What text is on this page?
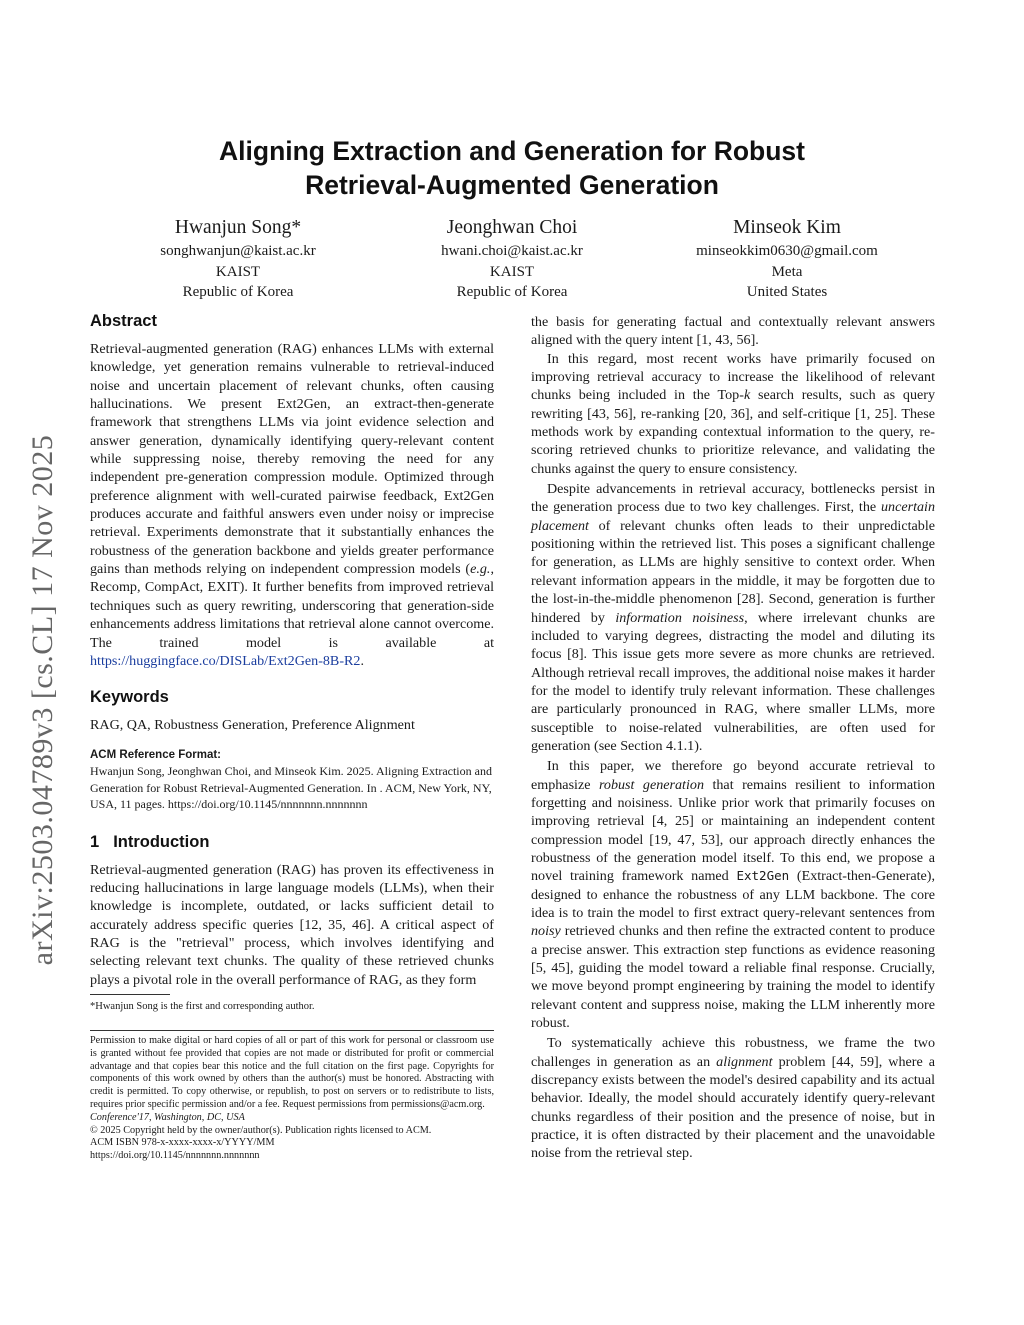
arXiv:2503.04789v3 [cs.CL] 17 Nov 2025
Aligning Extraction and Generation for Robust
Retrieval-Augmented Generation
Hwanjun Song*
songhwanjun@kaist.ac.kr
KAIST
Republic of Korea
Jeonghwan Choi
hwani.choi@kaist.ac.kr
KAIST
Republic of Korea
Minseok Kim
minseokkim0630@gmail.com
Meta
United States
Abstract

Retrieval-augmented generation (RAG) enhances LLMs with external knowledge, yet generation remains vulnerable to retrieval-induced noise and uncertain placement of relevant chunks, often causing hallucinations. We present Ext2Gen, an extract-then-generate framework that strengthens LLMs via joint evidence selection and answer generation, dynamically identifying query-relevant content while suppressing noise, thereby removing the need for any independent pre-generation compression module. Optimized through preference alignment with well-curated pairwise feedback, Ext2Gen produces accurate and faithful answers even under noisy or imprecise retrieval. Experiments demonstrate that it substantially enhances the robustness of the generation backbone and yields greater performance gains than methods relying on independent compression models (e.g., Recomp, CompAct, EXIT). It further benefits from improved retrieval techniques such as query rewriting, underscoring that generation-side enhancements address limitations that retrieval alone cannot overcome. The trained model is available at https://huggingface.co/DISLab/Ext2Gen-8B-R2.

Keywords

RAG, QA, Robustness Generation, Preference Alignment

ACM Reference Format:

Hwanjun Song, Jeonghwan Choi, and Minseok Kim. 2025. Aligning Extraction and Generation for Robust Retrieval-Augmented Generation. In . ACM, New York, NY, USA, 11 pages. https://doi.org/10.1145/nnnnnnn.nnnnnnn

1 Introduction

Retrieval-augmented generation (RAG) has proven its effectiveness in reducing hallucinations in large language models (LLMs), when their knowledge is incomplete, outdated, or lacks sufficient detail to accurately address specific queries [12, 35, 46]. A critical aspect of RAG is the "retrieval" process, which involves identifying and selecting relevant text chunks. The quality of these retrieved chunks plays a pivotal role in the overall performance of RAG, as they form

*Hwanjun Song is the first and corresponding author.

Permission to make digital or hard copies of all or part of this work for personal or classroom use is granted without fee provided that copies are not made or distributed for profit or commercial advantage and that copies bear this notice and the full citation on the first page. Copyrights for components of this work owned by others than the author(s) must be honored. Abstracting with credit is permitted. To copy otherwise, or republish, to post on servers or to redistribute to lists, requires prior specific permission and/or a fee. Request permissions from permissions@acm.org.

Conference'17, Washington, DC, USA
© 2025 Copyright held by the owner/author(s). Publication rights licensed to ACM.
ACM ISBN 978-x-xxxx-xxxx-x/YYYY/MM
https://doi.org/10.1145/nnnnnnn.nnnnnnn

the basis for generating factual and contextually relevant answers aligned with the query intent [1, 43, 56].

In this regard, most recent works have primarily focused on improving retrieval accuracy to increase the likelihood of relevant chunks being included in the Top-k search results, such as query rewriting [43, 56], re-ranking [20, 36], and self-critique [1, 25]. These methods work by expanding contextual information to the query, re-scoring retrieved chunks to prioritize relevance, and validating the chunks against the query to ensure consistency.

Despite advancements in retrieval accuracy, bottlenecks persist in the generation process due to two key challenges. First, the uncertain placement of relevant chunks often leads to their unpredictable positioning within the retrieved list. This poses a significant challenge for generation, as LLMs are highly sensitive to context order. When relevant information appears in the middle, it may be forgotten due to the lost-in-the-middle phenomenon [28]. Second, generation is further hindered by information noisiness, where irrelevant chunks are included to varying degrees, distracting the model and diluting its focus [8]. This issue gets more severe as more chunks are retrieved. Although retrieval recall improves, the additional noise makes it harder for the model to identify truly relevant information. These challenges are particularly pronounced in RAG, where smaller LLMs, more susceptible to noise-related vulnerabilities, are often used for generation (see Section 4.1.1).

In this paper, we therefore go beyond accurate retrieval to emphasize robust generation that remains resilient to information forgetting and noisiness. Unlike prior work that primarily focuses on improving retrieval [4, 25] or maintaining an independent content compression model [19, 47, 53], our approach directly enhances the robustness of the generation model itself. To this end, we propose a novel training framework named Ext2Gen (Extract-then-Generate), designed to enhance the robustness of any LLM backbone. The core idea is to train the model to first extract query-relevant sentences from noisy retrieved chunks and then refine the extracted content to produce a precise answer. This extraction step functions as evidence reasoning [5, 45], guiding the model toward a reliable final response. Crucially, we move beyond prompt engineering by training the model to identify relevant content and suppress noise, making the LLM inherently more robust.

To systematically achieve this robustness, we frame the two challenges in generation as an alignment problem [44, 59], where a discrepancy exists between the model's desired capability and its actual behavior. Ideally, the model should accurately identify query-relevant chunks regardless of their position and the presence of noise, but in practice, it is often distracted by their placement and the unavoidable noise from the retrieval step.
